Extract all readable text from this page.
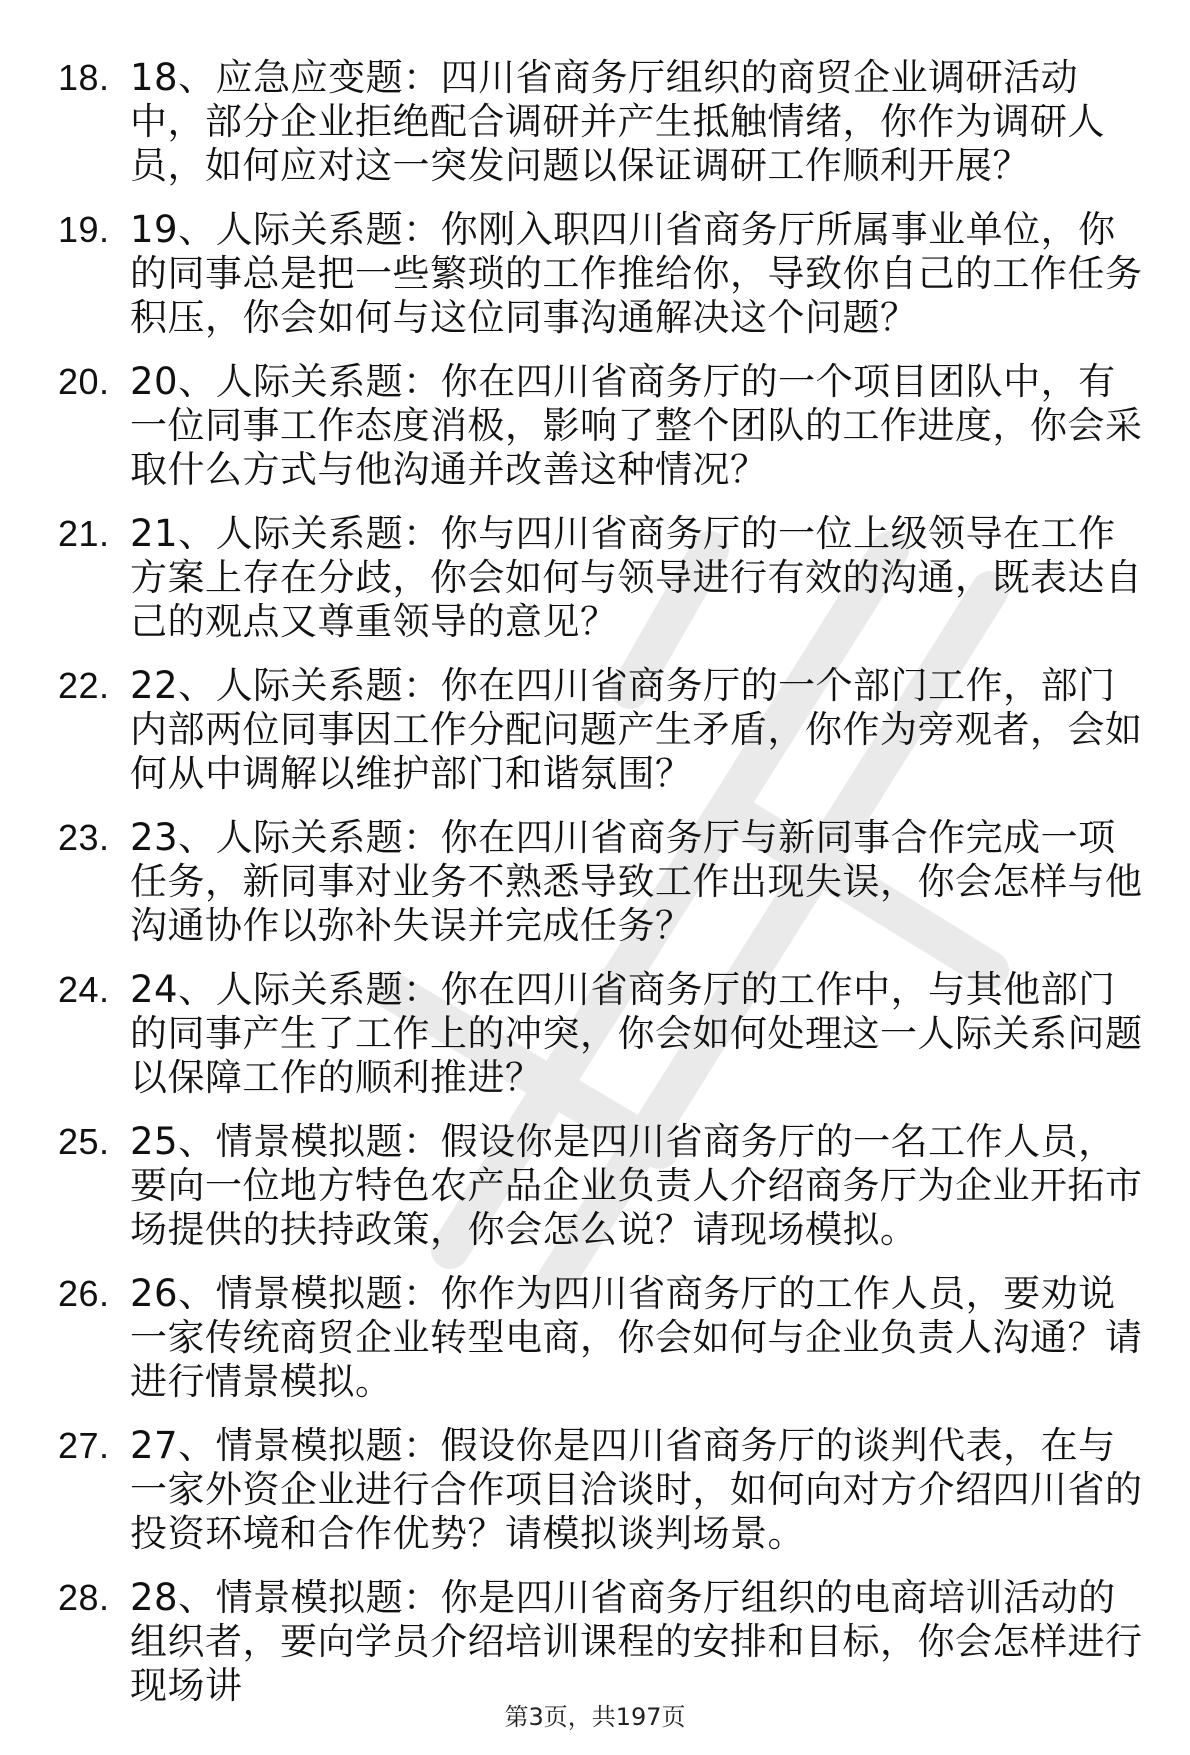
18. 18、应急应变题：四川省商务厅组织的商贸企业调研活动中，部分企业拒绝配合调研并产生抵触情绪，你作为调研人员，如何应对这一突发问题以保证调研工作顺利开展？
19. 19、人际关系题：你刚入职四川省商务厅所属事业单位，你的同事总是把一些繁琐的工作推给你，导致你自己的工作任务积压，你会如何与这位同事沟通解决这个问题？
20. 20、人际关系题：你在四川省商务厅的一个项目团队中，有一位同事工作态度消极，影响了整个团队的工作进度，你会采取什么方式与他沟通并改善这种情况？
21. 21、人际关系题：你与四川省商务厅的一位上级领导在工作方案上存在分歧，你会如何与领导进行有效的沟通，既表达自己的观点又尊重领导的意见？
22. 22、人际关系题：你在四川省商务厅的一个部门工作，部门内部两位同事因工作分配问题产生矛盾，你作为旁观者，会如何从中调解以维护部门和谐氛围？
23. 23、人际关系题：你在四川省商务厅与新同事合作完成一项任务，新同事对业务不熟悉导致工作出现失误，你会怎样与他沟通协作以弥补失误并完成任务？
24. 24、人际关系题：你在四川省商务厅的工作中，与其他部门的同事产生了工作上的冲突，你会如何处理这一人际关系问题以保障工作的顺利推进？
25. 25、情景模拟题：假设你是四川省商务厅的一名工作人员，要向一位地方特色农产品企业负责人介绍商务厅为企业开拓市场提供的扶持政策，你会怎么说？请现场模拟。
26. 26、情景模拟题：你作为四川省商务厅的工作人员，要劝说一家传统商贸企业转型电商，你会如何与企业负责人沟通？请进行情景模拟。
27. 27、情景模拟题：假设你是四川省商务厅的谈判代表，在与一家外资企业进行合作项目洽谈时，如何向对方介绍四川省的投资环境和合作优势？请模拟谈判场景。
28. 28、情景模拟题：你是四川省商务厅组织的电商培训活动的组织者，要向学员介绍培训课程的安排和目标，你会怎样进行现场讲
第3页，共197页
